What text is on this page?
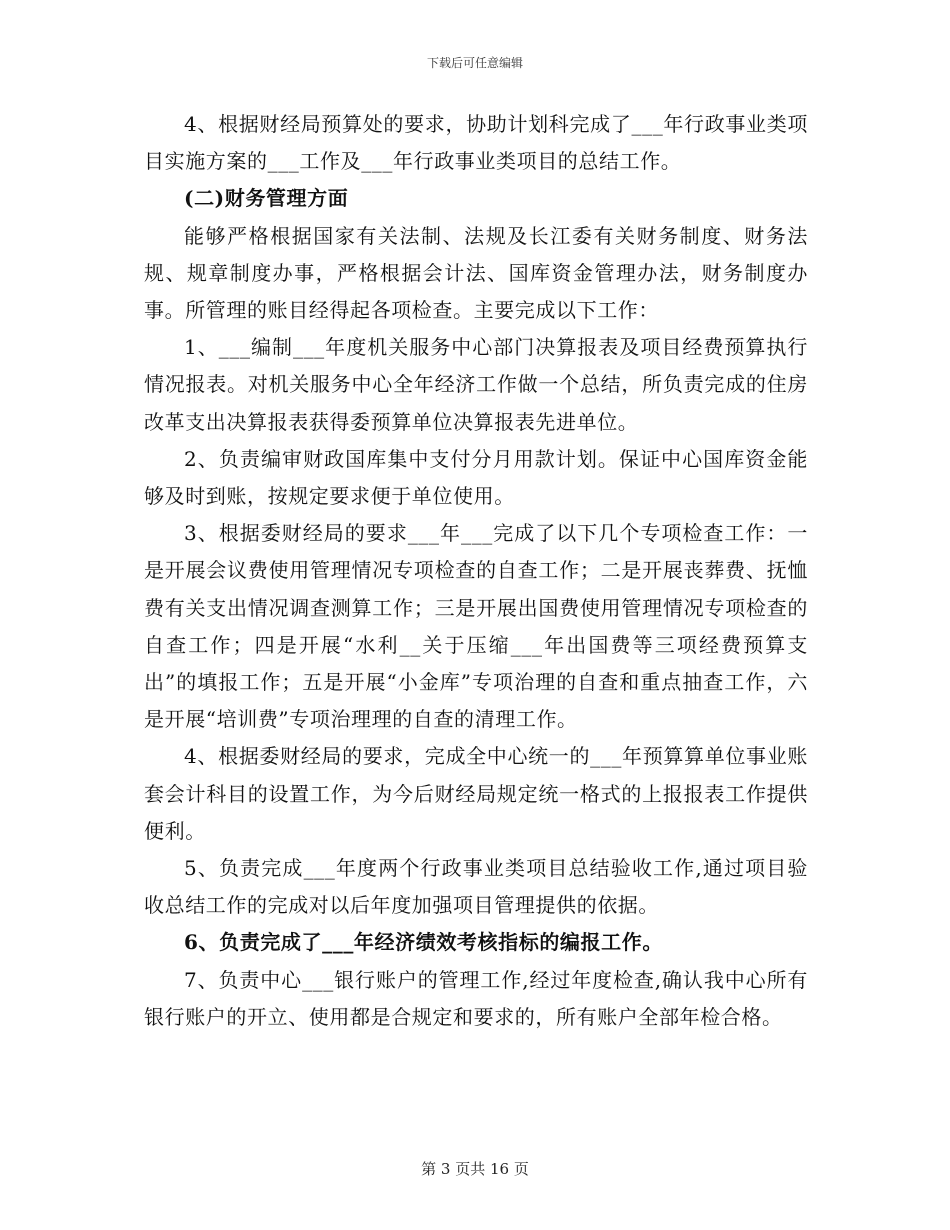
下载后可任意编辑

4、根据财经局预算处的要求，协助计划科完成了___年行政事业类项目实施方案的___工作及___年行政事业类项目的总结工作。

(二)财务管理方面

能够严格根据国家有关法制、法规及长江委有关财务制度、财务法规、规章制度办事，严格根据会计法、国库资金管理办法，财务制度办事。所管理的账目经得起各项检查。主要完成以下工作：

1、___编制___年度机关服务中心部门决算报表及项目经费预算执行情况报表。对机关服务中心全年经济工作做一个总结，所负责完成的住房改革支出决算报表获得委预算单位决算报表先进单位。

2、负责编审财政国库集中支付分月用款计划。保证中心国库资金能够及时到账，按规定要求便于单位使用。

3、根据委财经局的要求___年___完成了以下几个专项检查工作：一是开展会议费使用管理情况专项检查的自查工作；二是开展丧葬费、抚恤费有关支出情况调查测算工作；三是开展出国费使用管理情况专项检查的自查工作；四是开展“水利__关于压缩___年出国费等三项经费预算支出”的填报工作；五是开展“小金库”专项治理的自查和重点抽查工作，六是开展“培训费”专项治理理的自查的清理工作。

4、根据委财经局的要求，完成全中心统一的___年预算算单位事业账套会计科目的设置工作，为今后财经局规定统一格式的上报报表工作提供便利。

5、负责完成___年度两个行政事业类项目总结验收工作,通过项目验收总结工作的完成对以后年度加强项目管理提供的依据。

6、负责完成了___年经济绩效考核指标的编报工作。

7、负责中心___银行账户的管理工作,经过年度检查,确认我中心所有银行账户的开立、使用都是合规定和要求的，所有账户全部年检合格。

第 3 页共 16 页
